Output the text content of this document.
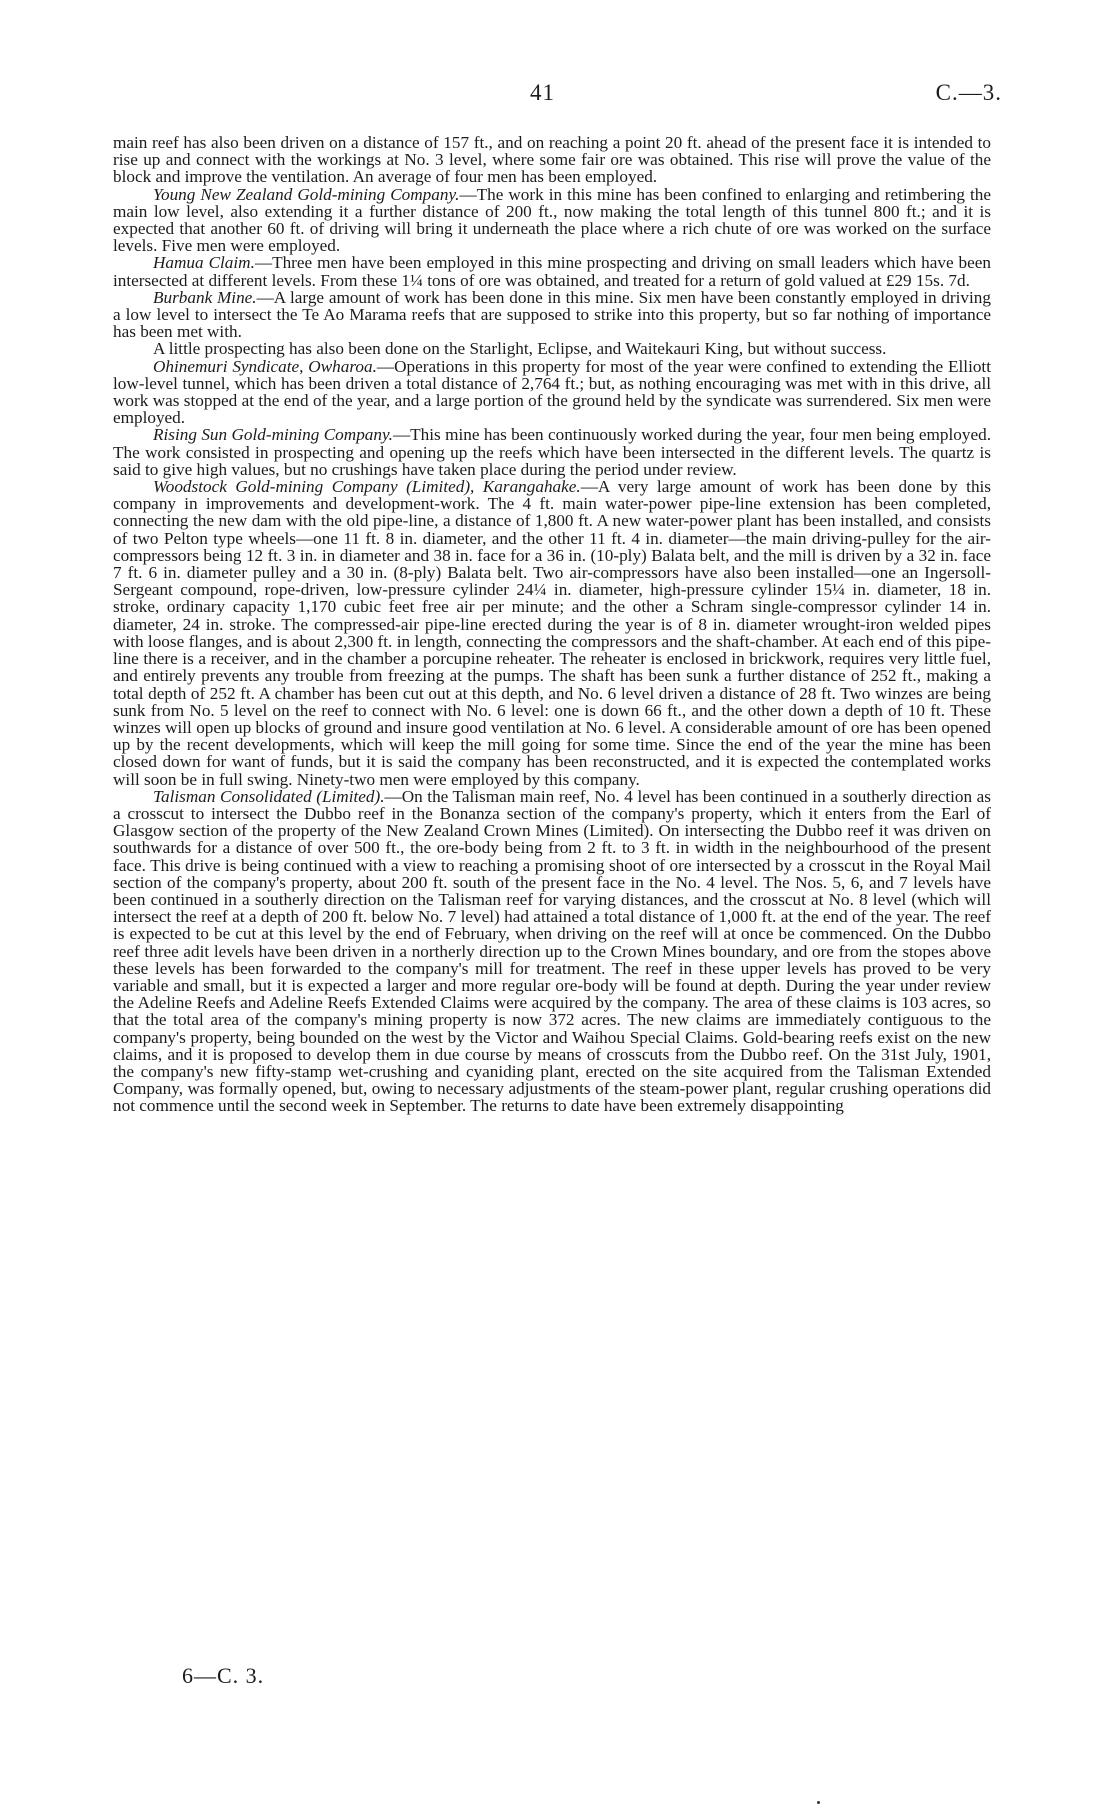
41	C.—3.

main reef has also been driven on a distance of 157 ft., and on reaching a point 20 ft. ahead of the present face it is intended to rise up and connect with the workings at No. 3 level, where some fair ore was obtained. This rise will prove the value of the block and improve the ventilation. An average of four men has been employed.

Young New Zealand Gold-mining Company.—The work in this mine has been confined to enlarging and retimbering the main low level, also extending it a further distance of 200 ft., now making the total length of this tunnel 800 ft.; and it is expected that another 60 ft. of driving will bring it underneath the place where a rich chute of ore was worked on the surface levels. Five men were employed.

Hamua Claim.—Three men have been employed in this mine prospecting and driving on small leaders which have been intersected at different levels. From these 1¼ tons of ore was obtained, and treated for a return of gold valued at £29 15s. 7d.

Burbank Mine.—A large amount of work has been done in this mine. Six men have been constantly employed in driving a low level to intersect the Te Ao Marama reefs that are supposed to strike into this property, but so far nothing of importance has been met with.

A little prospecting has also been done on the Starlight, Eclipse, and Waitekauri King, but without success.

Ohinemuri Syndicate, Owharoa.—Operations in this property for most of the year were confined to extending the Elliott low-level tunnel, which has been driven a total distance of 2,764 ft.; but, as nothing encouraging was met with in this drive, all work was stopped at the end of the year, and a large portion of the ground held by the syndicate was surrendered. Six men were employed.

Rising Sun Gold-mining Company.—This mine has been continuously worked during the year, four men being employed. The work consisted in prospecting and opening up the reefs which have been intersected in the different levels. The quartz is said to give high values, but no crushings have taken place during the period under review.

Woodstock Gold-mining Company (Limited), Karangahake.—A very large amount of work has been done by this company in improvements and development-work. The 4 ft. main water-power pipe-line extension has been completed, connecting the new dam with the old pipe-line, a distance of 1,800 ft. A new water-power plant has been installed, and consists of two Pelton type wheels—one 11 ft. 8 in. diameter, and the other 11 ft. 4 in. diameter—the main driving-pulley for the air-compressors being 12 ft. 3 in. in diameter and 38 in. face for a 36 in. (10-ply) Balata belt, and the mill is driven by a 32 in. face 7 ft. 6 in. diameter pulley and a 30 in. (8-ply) Balata belt. Two air-compressors have also been installed—one an Ingersoll-Sergeant compound, rope-driven, low-pressure cylinder 24¼ in. diameter, high-pressure cylinder 15¼ in. diameter, 18 in. stroke, ordinary capacity 1,170 cubic feet free air per minute; and the other a Schram single-compressor cylinder 14 in. diameter, 24 in. stroke. The compressed-air pipe-line erected during the year is of 8 in. diameter wrought-iron welded pipes with loose flanges, and is about 2,300 ft. in length, connecting the compressors and the shaft-chamber. At each end of this pipe-line there is a receiver, and in the chamber a porcupine reheater. The reheater is enclosed in brickwork, requires very little fuel, and entirely prevents any trouble from freezing at the pumps. The shaft has been sunk a further distance of 252 ft., making a total depth of 252 ft. A chamber has been cut out at this depth, and No. 6 level driven a distance of 28 ft. Two winzes are being sunk from No. 5 level on the reef to connect with No. 6 level: one is down 66 ft., and the other down a depth of 10 ft. These winzes will open up blocks of ground and insure good ventilation at No. 6 level. A considerable amount of ore has been opened up by the recent developments, which will keep the mill going for some time. Since the end of the year the mine has been closed down for want of funds, but it is said the company has been reconstructed, and it is expected the contemplated works will soon be in full swing. Ninety-two men were employed by this company.

Talisman Consolidated (Limited).—On the Talisman main reef, No. 4 level has been continued in a southerly direction as a crosscut to intersect the Dubbo reef in the Bonanza section of the company's property, which it enters from the Earl of Glasgow section of the property of the New Zealand Crown Mines (Limited). On intersecting the Dubbo reef it was driven on southwards for a distance of over 500 ft., the ore-body being from 2 ft. to 3 ft. in width in the neighbourhood of the present face. This drive is being continued with a view to reaching a promising shoot of ore intersected by a crosscut in the Royal Mail section of the company's property, about 200 ft. south of the present face in the No. 4 level. The Nos. 5, 6, and 7 levels have been continued in a southerly direction on the Talisman reef for varying distances, and the crosscut at No. 8 level (which will intersect the reef at a depth of 200 ft. below No. 7 level) had attained a total distance of 1,000 ft. at the end of the year. The reef is expected to be cut at this level by the end of February, when driving on the reef will at once be commenced. On the Dubbo reef three adit levels have been driven in a northerly direction up to the Crown Mines boundary, and ore from the stopes above these levels has been forwarded to the company's mill for treatment. The reef in these upper levels has proved to be very variable and small, but it is expected a larger and more regular ore-body will be found at depth. During the year under review the Adeline Reefs and Adeline Reefs Extended Claims were acquired by the company. The area of these claims is 103 acres, so that the total area of the company's mining property is now 372 acres. The new claims are immediately contiguous to the company's property, being bounded on the west by the Victor and Waihou Special Claims. Gold-bearing reefs exist on the new claims, and it is proposed to develop them in due course by means of crosscuts from the Dubbo reef. On the 31st July, 1901, the company's new fifty-stamp wet-crushing and cyaniding plant, erected on the site acquired from the Talisman Extended Company, was formally opened, but, owing to necessary adjustments of the steam-power plant, regular crushing operations did not commence until the second week in September. The returns to date have been extremely disappointing

6—C. 3.
